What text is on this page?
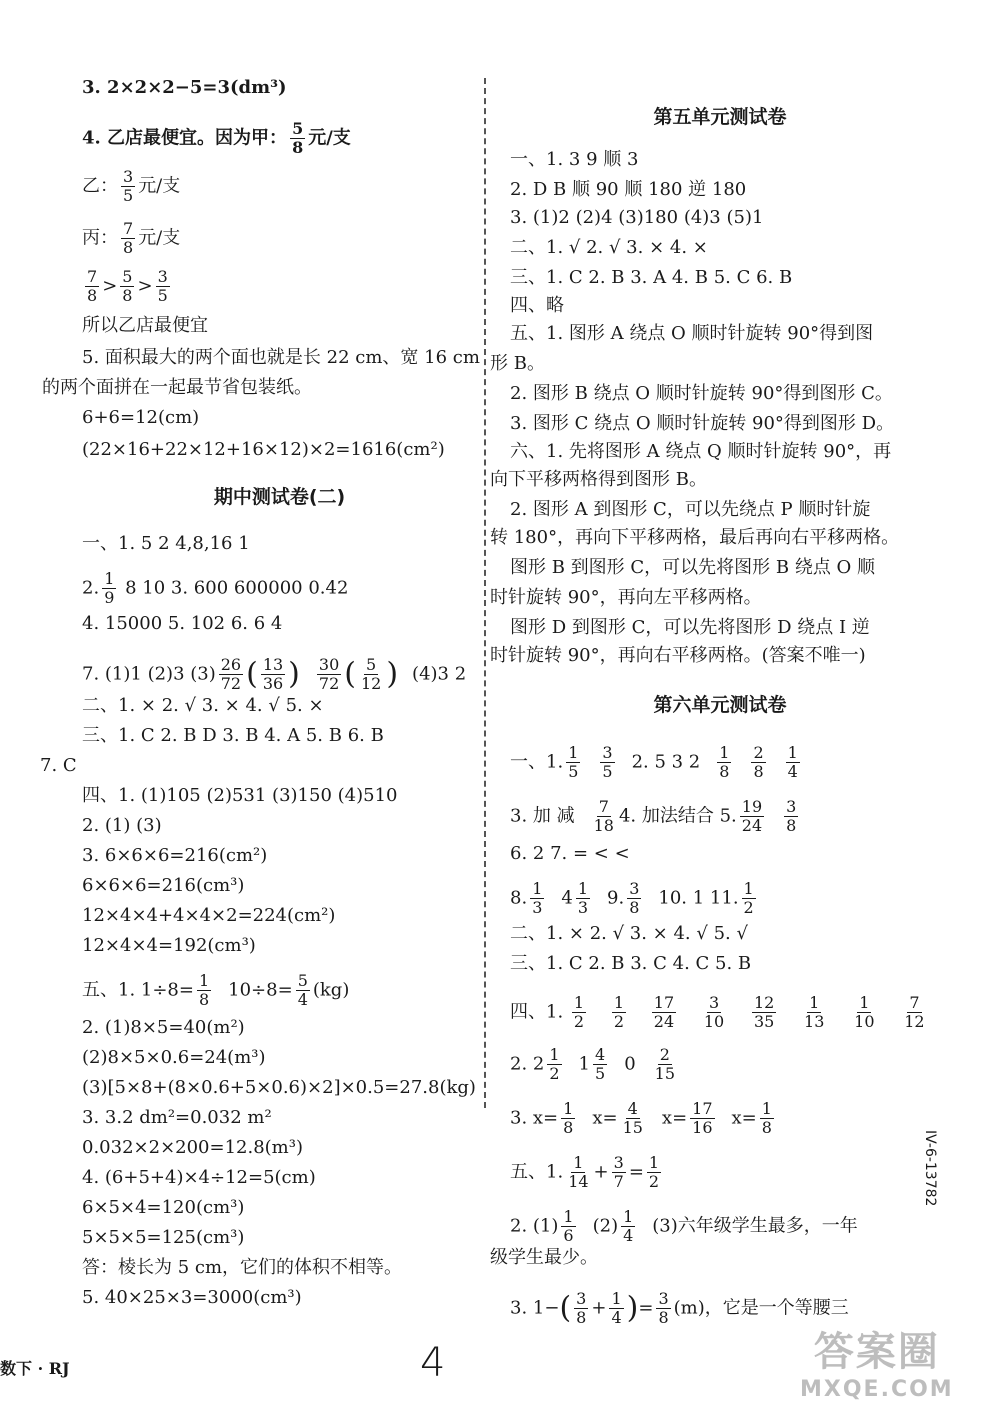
3. 2×2×2−5=3(dm³)
4. 乙店最便宜。因为甲： $\frac{5}{8}$ 元/支
乙： $\frac{3}{5}$ 元/支
丙： $\frac{7}{8}$ 元/支
$\frac{7}{8} > \frac{5}{8} > \frac{3}{5}$
所以乙店最便宜
5. 面积最大的两个面也就是长 22 cm、宽 16 cm
的两个面拼在一起最节省包装纸。
6+6=12(cm)
(22×16+22×12+16×12)×2=1616(cm²)
期中测试卷(二)
一、1. 5 2 4,8,16 1
2. $\frac{1}{9} 8$ 10 3. 600 600000 0.42
4. 15000 5. 102 6. 6 4
7. (1)1 (2)3 $(3) \frac{26}{72}$ ( $\frac{13}{36}$ ) $\frac{30}{72}$ ( $\frac{5}{12}$ ) (4)3 2
二、1. × 2. √ 3. × 4. √ 5. ×
三、1. C 2. B D 3. B 4. A 5. B 6. B
7. C
四、1. (1)105 (2)531 (3)150 (4)510
2. (1) (3)
3. 6×6×6=216(cm²)
6×6×6=216(cm³)
12×4×4+4×4×2=224(cm²)
12×4×4=192(cm³)
五、1. $1\div 8= \frac{1}{8} 10\div 8= \frac{5}{4} (kg)$
2. (1)8×5=40(m²)
(2)8×5×0.6=24(m³)
(3)[5×8+(8×0.6+5×0.6)×2]×0.5=27.8(kg)
3. 3.2 dm²=0.032 m²
0.032×2×200=12.8(m³)
4. (6+5+4)×4÷12=5(cm)
6×5×4=120(cm³)
5×5×5=125(cm³)
答：棱长为 5 cm，它们的体积不相等。
5. 40×25×3=3000(cm³)
第五单元测试卷
一、1. 3 9 顺 3
2. D B 顺 90 顺 180 逆 180
3. (1)2 (2)4 (3)180 (4)3 (5)1
二、1. √ 2. √ 3. × 4. ×
三、1. C 2. B 3. A 4. B 5. C 6. B
四、略
五、1. 图形 A 绕点 O 顺时针旋转 90°得到图
形 B。
2. 图形 B 绕点 O 顺时针旋转 90°得到图形 C。
3. 图形 C 绕点 O 顺时针旋转 90°得到图形 D。
六、1. 先将图形 A 绕点 Q 顺时针旋转 90°，再
向下平移两格得到图形 B。
2. 图形 A 到图形 C，可以先绕点 P 顺时针旋
转 180°，再向下平移两格，最后再向右平移两格。
图形 B 到图形 C，可以先将图形 B 绕点 O 顺
时针旋转 90°，再向左平移两格。
图形 D 到图形 C，可以先将图形 D 绕点 I 逆
时针旋转 90°，再向右平移两格。(答案不唯一)
第六单元测试卷
一、1. $\frac{1}{5} \frac{3}{5} 2$. 5 3 $2 \frac{1}{8} \frac{2}{8} \frac{1}{4}$
3. 加 减 $\frac{7}{18} 4$. 加法结合 5. $\frac{19}{24} \frac{3}{8}$
6. 2 7. = < <
8. $\frac{1}{3} 4 \frac{1}{3} 9$. $\frac{3}{8} 10$. 1 11. $\frac{1}{2}$
二、1. × 2. √ 3. × 4. √ 5. √
三、1. C 2. B 3. C 4. C 5. B
四、1. $\frac{1}{2}$
$\frac{1}{2}$
$\frac{17}{24}$
$\frac{3}{10}$
$\frac{12}{35}$
$\frac{1}{13}$
$\frac{1}{10}$
$\frac{7}{12}$
2. $2 \frac{1}{2} 1 \frac{4}{5} 0 \frac{2}{15}$
3. $x= \frac{1}{8} x= \frac{4}{15} x= \frac{17}{16} x= \frac{1}{8}$
五、1. $\frac{1}{14} + \frac{3}{7} = \frac{1}{2}$
2. $(1) \frac{1}{6} (2) \frac{1}{4} (3)$六年级学生最多，一年
级学生最少。
3. $1-( \frac{3}{8} + \frac{1}{4}$ )= $\frac{3}{8} (m)$，它是一个等腰三
数下 · RJ	4
IV-6-13782
答案圈
MXQE.COM
